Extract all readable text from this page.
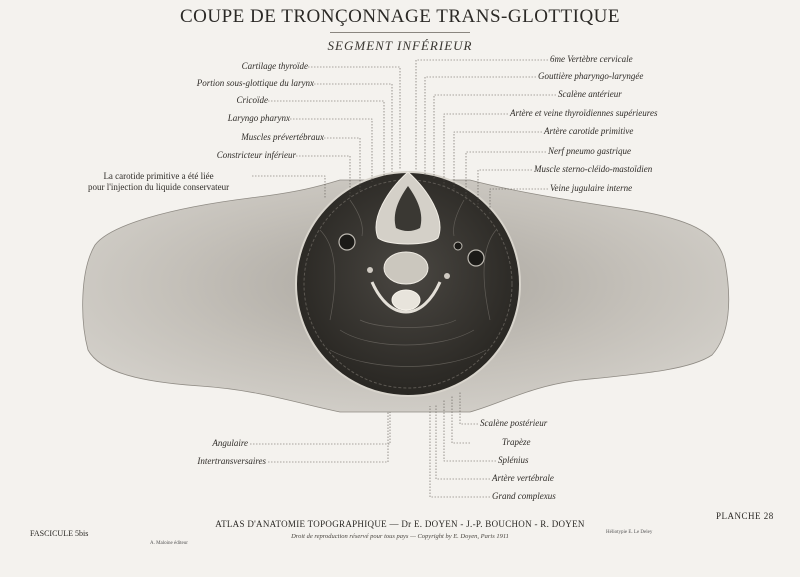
COUPE DE TRONÇONNAGE TRANS-GLOTTIQUE
SEGMENT INFÉRIEUR
Cartilage thyroïde
Portion sous-glottique du larynx
Cricoïde
Laryngo pharynx
Muscles prévertébraux
Constricteur inférieur
La carotide primitive a été liée
pour l'injection du liquide conservateur
6me Vertèbre cervicale
Gouttière pharyngo-laryngée
Scalène antérieur
Artère et veine thyroïdiennes supérieures
Artère carotide primitive
Nerf pneumo gastrique
Muscle sterno-cléido-mastoïdien
Veine jugulaire interne
Angulaire
Intertransversaires
Scalène postérieur
Trapèze
Splénius
Artère vertébrale
Grand complexus
FASCICULE 5bis
A. Maloine éditeur
ATLAS D'ANATOMIE TOPOGRAPHIQUE — Dr E. DOYEN - J.-P. BOUCHON - R. DOYEN
Droit de reproduction réservé pour tous pays — Copyright by E. Doyen, Paris 1911
Héliotypie E. Le Deley
PLANCHE 28
